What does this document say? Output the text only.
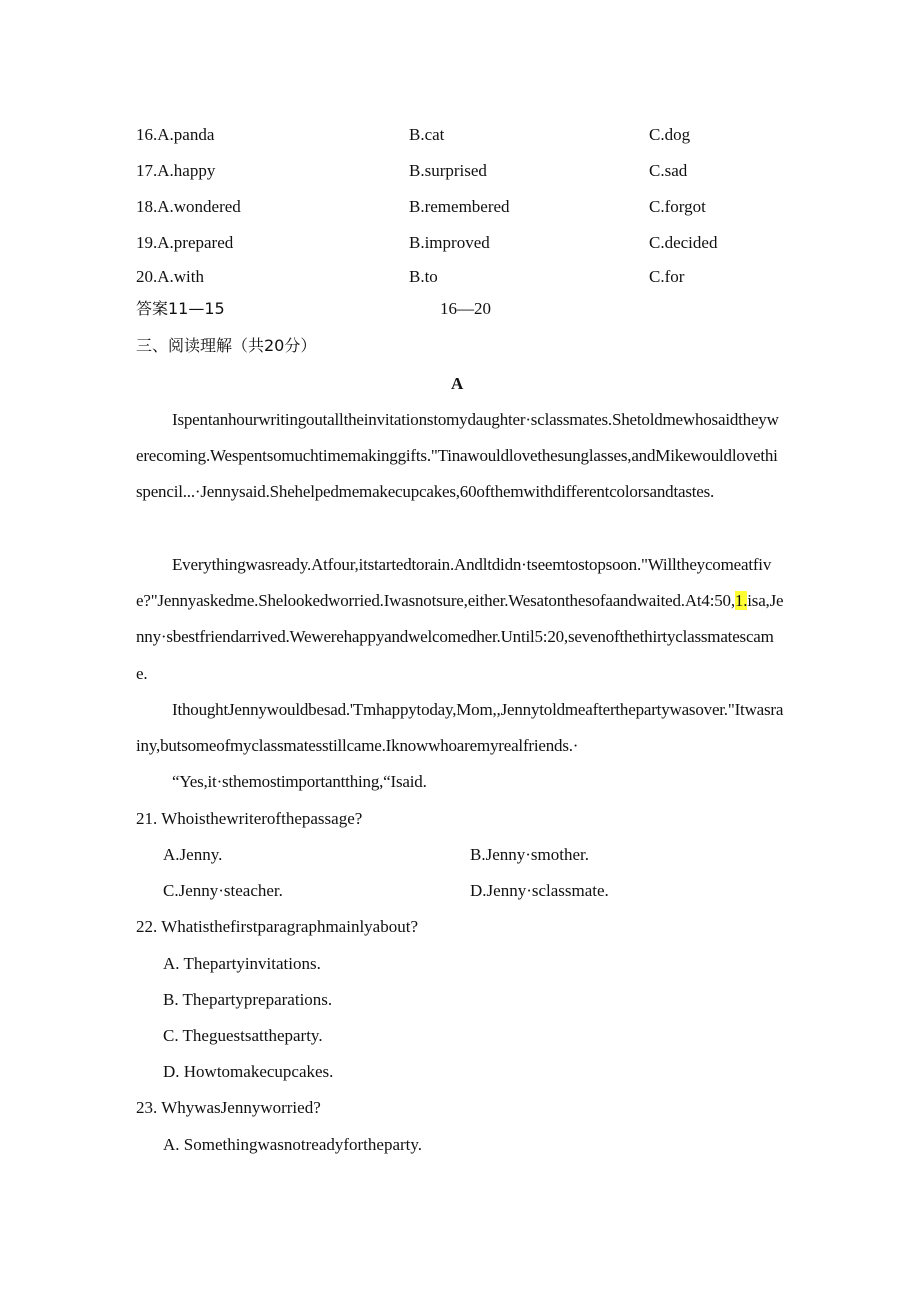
16.A.panda	B.cat	C.dog
17.A.happy	B.surprised	C.sad
18.A.wondered	B.remembered	C.forgot
19.A.prepared	B.improved	C.decided
20.A.with	B.to	C.for
答案11—15	16—20
三、阅读理解（共20分）
A
Ispentanhourwritingoutalltheinvitationstomydaughter·sclassmates.Shetoldmewhosaidtheywerecoming.Wespentsomuchtimemakinggifts."Tinawouldlovethesunglasses,andMikewouldlovethispencil...·Jennysaid.Shehelpedmemakecupcakes,60ofthemwithdifferentcolorsandtastes.
Everythingwasready.Atfour,itstartedtorain.Andltdidn·tseemtostopsoon."Willtheycomeatfive?"Jennyaskedme.Shelookedworried.Iwasnotsure,either.Wesatonthesofaandwaited.At4:50,1.isa,Jenny·sbestfriendarrived.Wewerehappyandwelcomedher.Until5:20,sevenofthethirtyclassmatescame.
IthoughtJennywouldbesad.'Tmhappytoday,Mom,,Jennytoldmeafterthepartywasover."Itwasrainy,butsomeofmyclassmatesstillcame.Iknowwhoaremyrealfriends.·
“Yes,it·sthemostimportantthing,“Isaid.
21. Whoisthewriterofthepassage?
A.Jenny.	B.Jenny·smother.
C.Jenny·steacher.	D.Jenny·sclassmate.
22. Whatisthefirstparagraphmainlyabout?
A. Thepartyinvitations.
B. Thepartypreparations.
C. Theguestsattheparty.
D. Howtomakecupcakes.
23. WhywasJennyworried?
A. Somethingwasnotreadyfortheparty.
